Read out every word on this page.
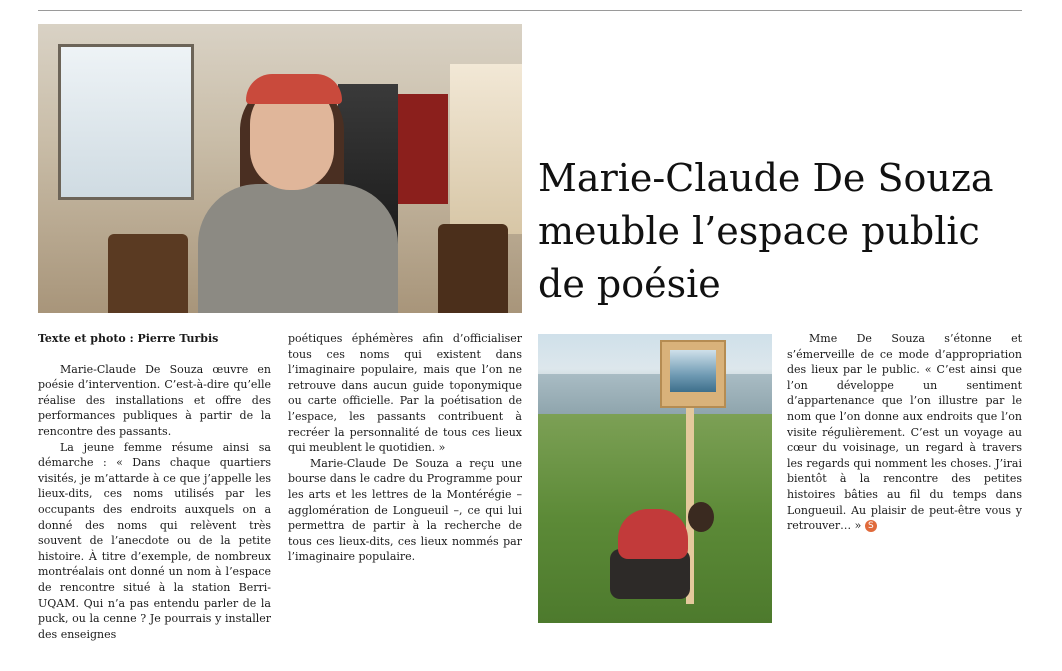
Marie-Claude De Souza
meuble l’espace public
de poésie

Texte et photo : Pierre Turbis

Marie-Claude De Souza œuvre en poésie d’intervention. C’est-à-dire qu’elle réalise des installations et offre des performances publiques à partir de la rencontre des passants.

La jeune femme résume ainsi sa démarche : « Dans chaque quartiers visités, je m’attarde à ce que j’appelle les lieux-dits, ces noms utilisés par les occupants des endroits auxquels on a donné des noms qui relèvent très souvent de l’anecdote ou de la petite histoire. À titre d’exemple, de nombreux montréalais ont donné un nom à l’espace de rencontre situé à la station Berri-UQAM. Qui n’a pas entendu parler de la puck, ou la cenne ? Je pourrais y installer des enseignes

poétiques éphémères afin d’officialiser tous ces noms qui existent dans l’imaginaire populaire, mais que l’on ne retrouve dans aucun guide toponymique ou carte officielle. Par la poétisation de l’espace, les passants contribuent à recréer la personnalité de tous ces lieux qui meublent le quotidien. »

Marie-Claude De Souza a reçu une bourse dans le cadre du Programme pour les arts et les lettres de la Montérégie – agglomération de Longueuil –, ce qui lui permettra de partir à la recherche de tous ces lieux-dits, ces lieux nommés par l’imaginaire populaire.

Mme De Souza s’étonne et s’émerveille de ce mode d’appropriation des lieux par le public. « C’est ainsi que l’on développe un sentiment d’appartenance que l’on illustre par le nom que l’on donne aux endroits que l’on visite régulièrement. C’est un voyage au cœur du voisinage, un regard à travers les regards qui nomment les choses. J’irai bientôt à la rencontre des petites histoires bâties au fil du temps dans Longueuil. Au plaisir de peut-être vous y retrouver… » S
